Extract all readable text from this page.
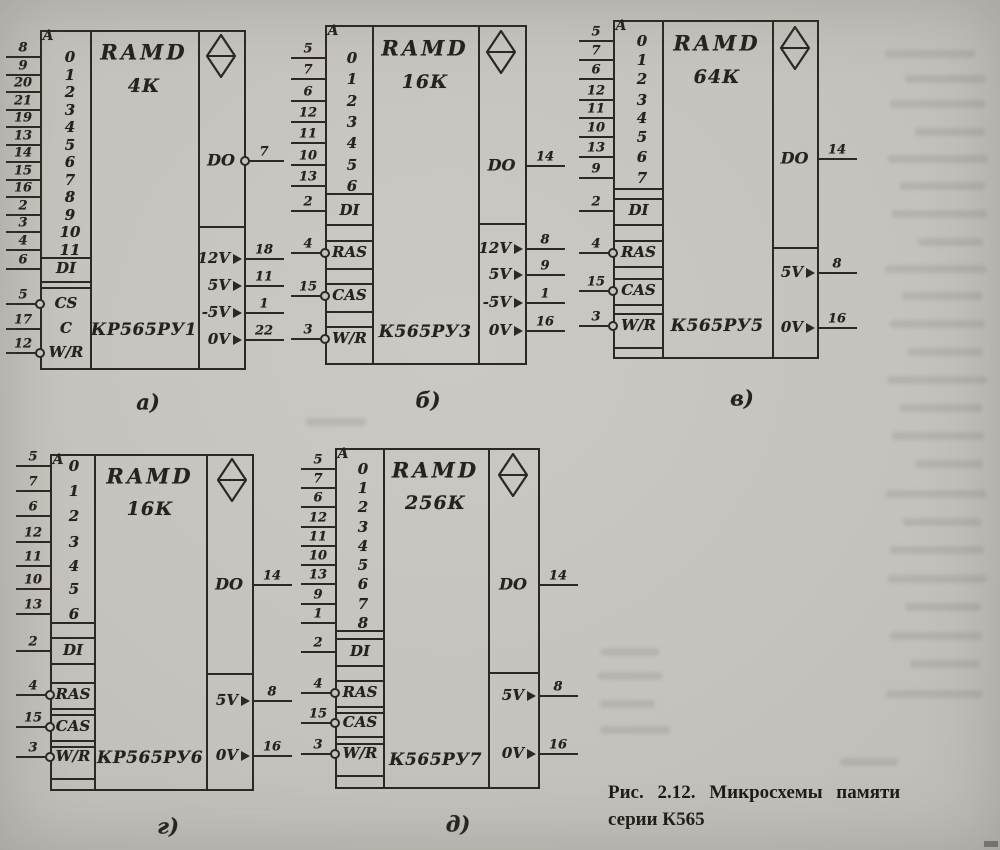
Рис. 2.12. Микросхемы памяти
серии К565
A
8 0
9 1
20 2
21 3
19 4
13 5
14 6
15 7
16 8
2 9
3 10
4 11
6 DI
5 CS
17 C
12 W/R
7
DO
18
12V
11
5V
1
-5V
22
0V
RAMD
4К
КР565РУ1
а)
A
5 0
7 1
6 2
12 3
11 4
10 5
13 6
2 DI
4 RAS
15 CAS
3 W/R
14
DO
8
12V
9
5V
1
-5V
16
0V
RAMD
16К
К565РУ3
б)
A
5 0
7 1
6 2
12 3
11 4
10 5
13 6
9 7
2 DI
4 RAS
15 CAS
3 W/R
14
DO
8
5V
16
0V
RAMD
64К
К565РУ5
в)
A
5 0
7 1
6 2
12 3
11 4
10 5
13 6
2 DI
4 RAS
15 CAS
3 W/R
14
DO
8
5V
16
0V
RAMD
16К
КР565РУ6
г)
A
5 0
7 1
6 2
12 3
11 4
10 5
13 6
9 7
1 8
2 DI
4 RAS
15 CAS
3 W/R
14
DO
8
5V
16
0V
RAMD
256К
К565РУ7
д)
